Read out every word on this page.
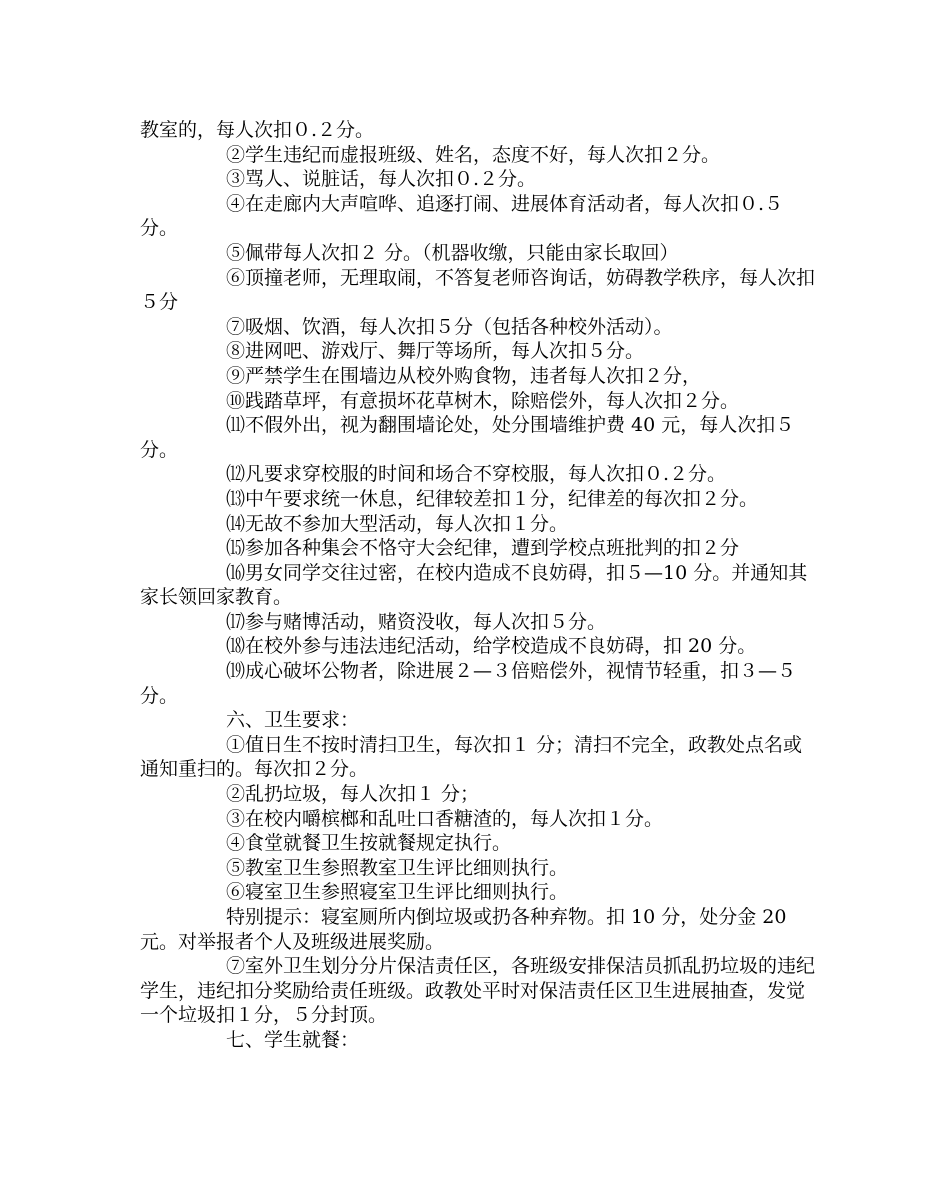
教室的，每人次扣０.２分。

②学生违纪而虚报班级、姓名，态度不好，每人次扣２分。

③骂人、说脏话，每人次扣０.２分。

④在走廊内大声喧哗、追逐打闹、进展体育活动者，每人次扣０.５分。

⑤佩带每人次扣２ 分。（机器收缴，只能由家长取回）

⑥顶撞老师，无理取闹，不答复老师咨询话，妨碍教学秩序，每人次扣５分

⑦吸烟、饮酒，每人次扣５分（包括各种校外活动）。

⑧进网吧、游戏厅、舞厅等场所，每人次扣５分。

⑨严禁学生在围墙边从校外购食物，违者每人次扣２分，

⑩践踏草坪，有意损坏花草树木，除赔偿外，每人次扣２分。

⑾不假外出，视为翻围墙论处，处分围墙维护费 40 元，每人次扣５分。

⑿凡要求穿校服的时间和场合不穿校服，每人次扣０.２分。

⒀中午要求统一休息，纪律较差扣１分，纪律差的每次扣２分。

⒁无故不参加大型活动，每人次扣１分。

⒂参加各种集会不恪守大会纪律，遭到学校点班批判的扣２分

⒃男女同学交往过密，在校内造成不良妨碍，扣５—10 分。并通知其家长领回家教育。

⒄参与赌博活动，赌资没收，每人次扣５分。

⒅在校外参与违法违纪活动，给学校造成不良妨碍，扣 20 分。

⒆成心破坏公物者，除进展２—３倍赔偿外，视情节轻重，扣３—５分。

六、卫生要求：

①值日生不按时清扫卫生，每次扣１ 分；清扫不完全，政教处点名或通知重扫的。每次扣２分。

②乱扔垃圾，每人次扣１ 分；

③在校内嚼槟榔和乱吐口香糖渣的，每人次扣１分。

④食堂就餐卫生按就餐规定执行。

⑤教室卫生参照教室卫生评比细则执行。

⑥寝室卫生参照寝室卫生评比细则执行。

特别提示：寝室厕所内倒垃圾或扔各种弃物。扣 10 分，处分金 20 元。对举报者个人及班级进展奖励。

⑦室外卫生划分分片保洁责任区，各班级安排保洁员抓乱扔垃圾的违纪学生，违纪扣分奖励给责任班级。政教处平时对保洁责任区卫生进展抽查，发觉一个垃圾扣１分，５分封顶。

七、学生就餐：
